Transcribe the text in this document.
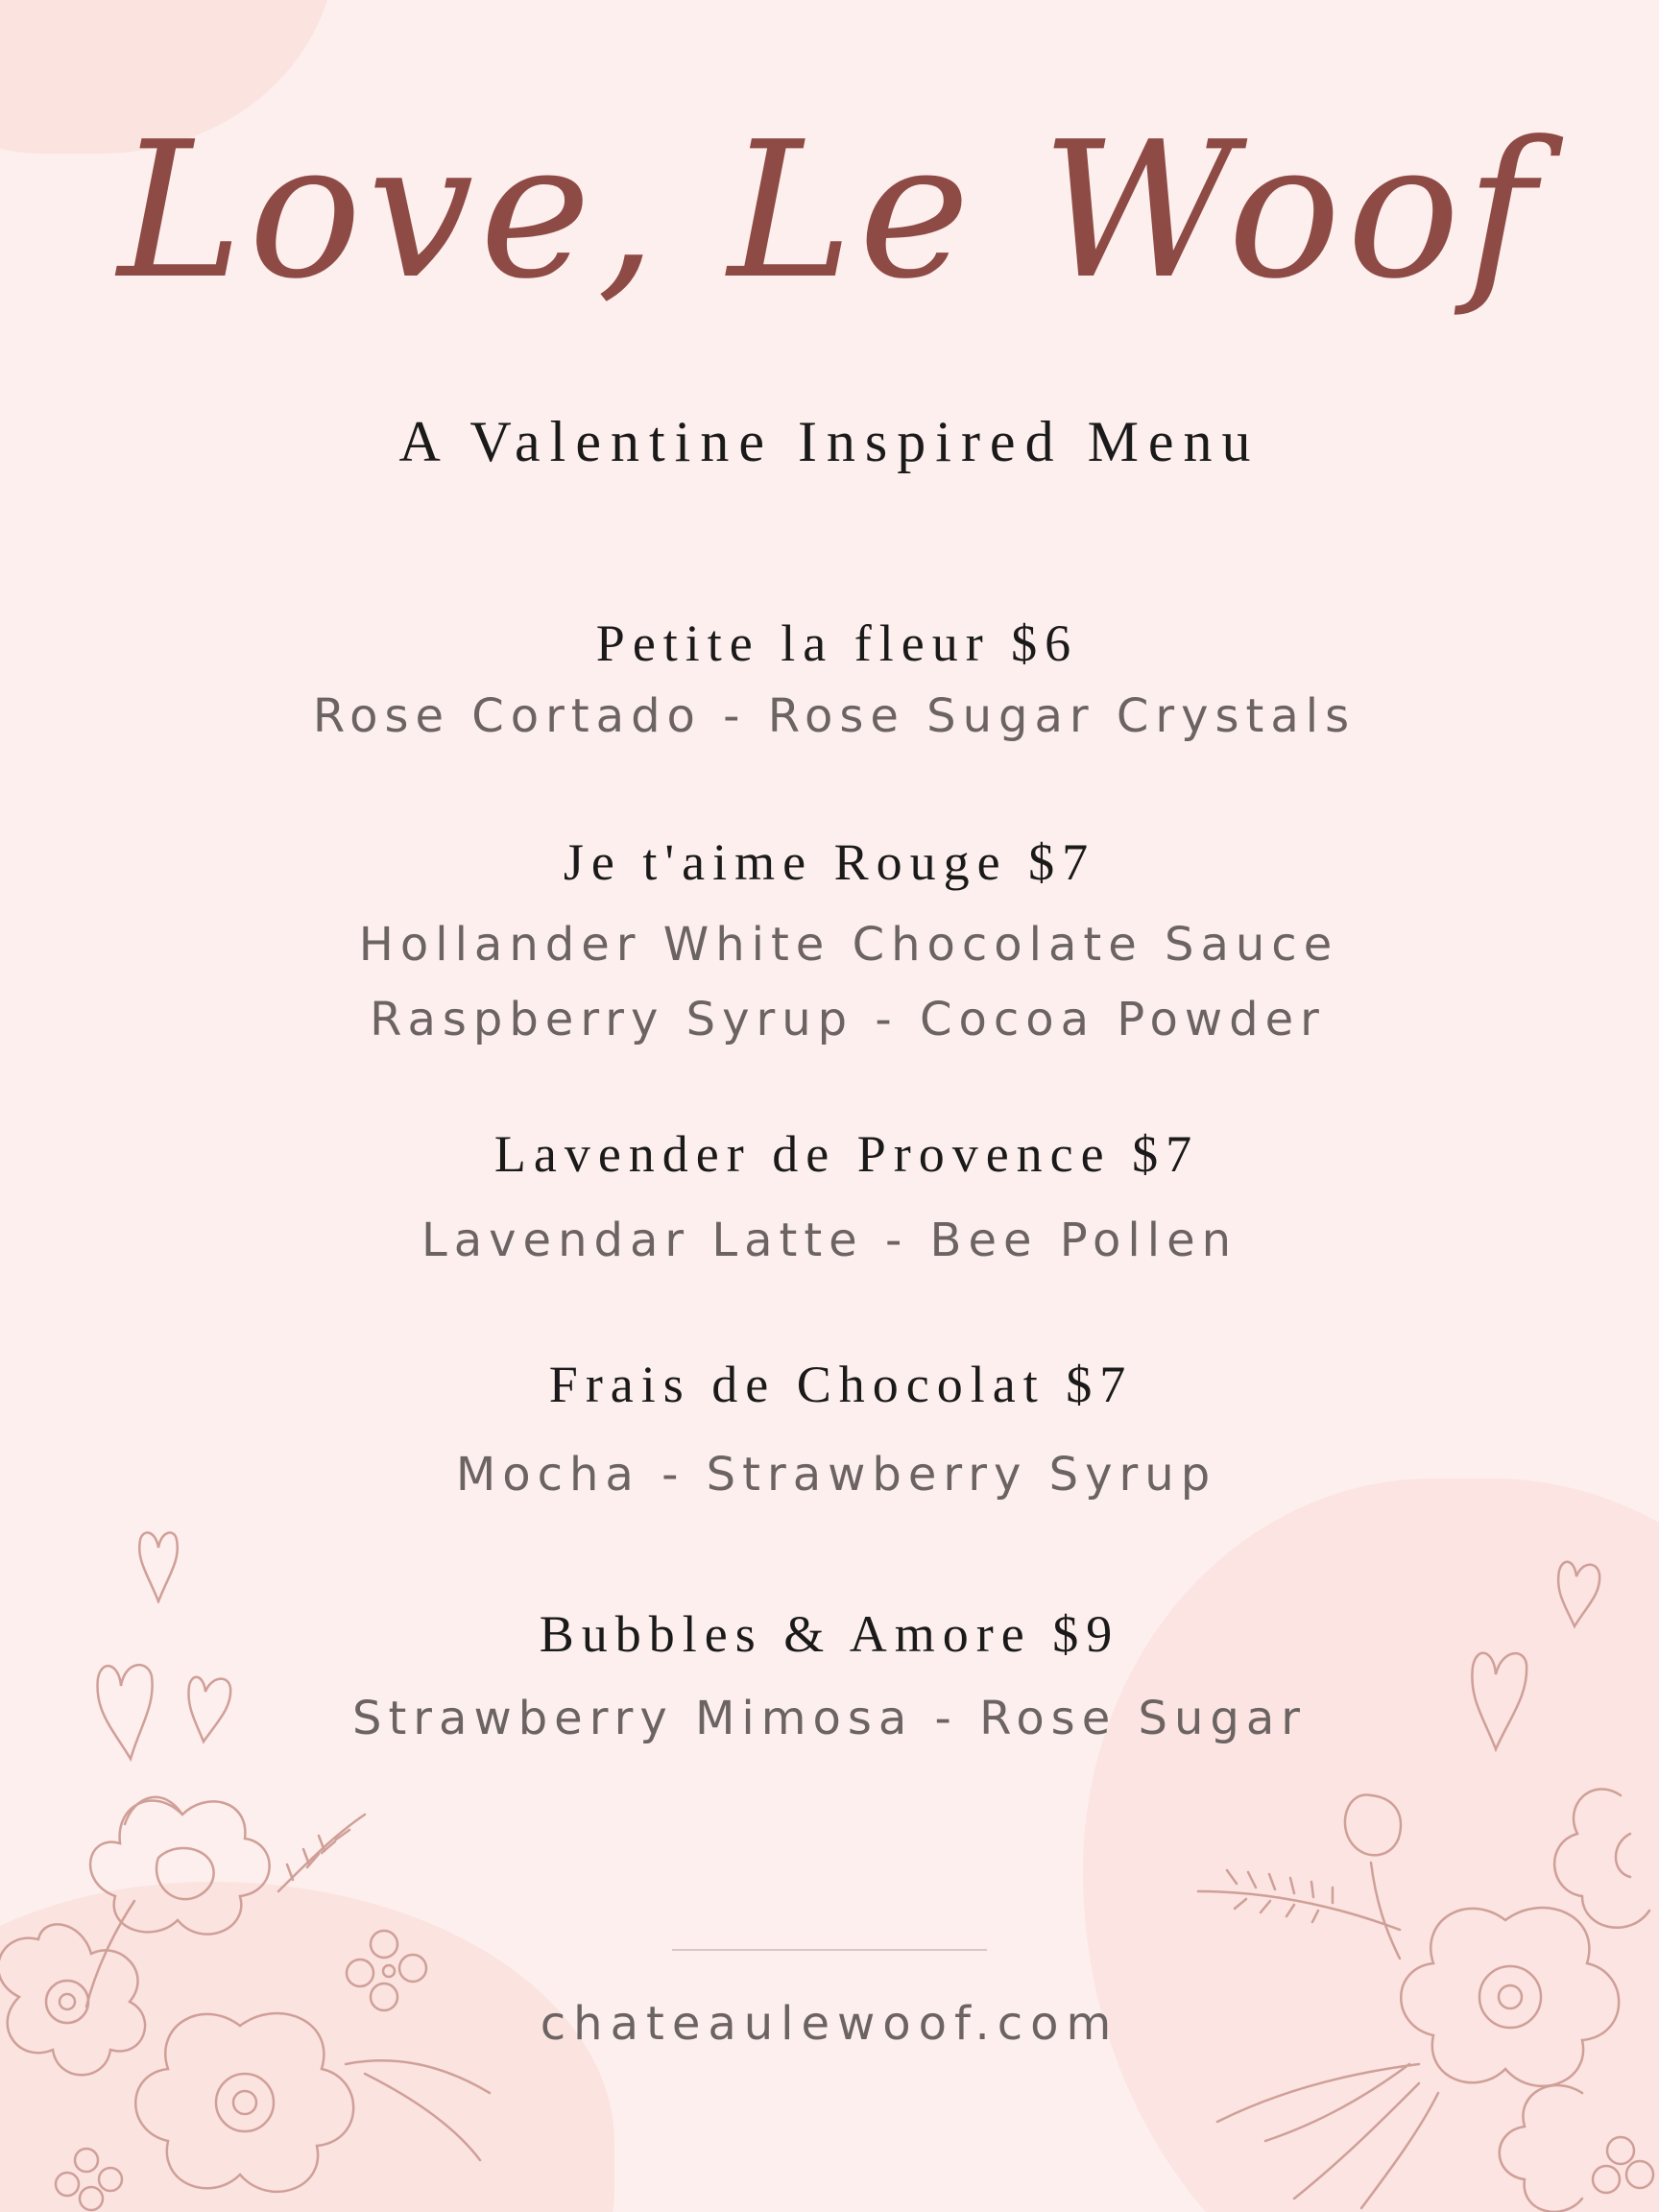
Love, Le Woof
A Valentine Inspired Menu
Petite la fleur $6
Rose Cortado - Rose Sugar Crystals
Je t'aime Rouge $7
Hollander White Chocolate Sauce
Raspberry Syrup - Cocoa Powder
Lavender de Provence $7
Lavendar Latte - Bee Pollen
Frais de Chocolat $7
Mocha - Strawberry Syrup
Bubbles & Amore $9
Strawberry Mimosa - Rose Sugar
chateaulewoof.com
